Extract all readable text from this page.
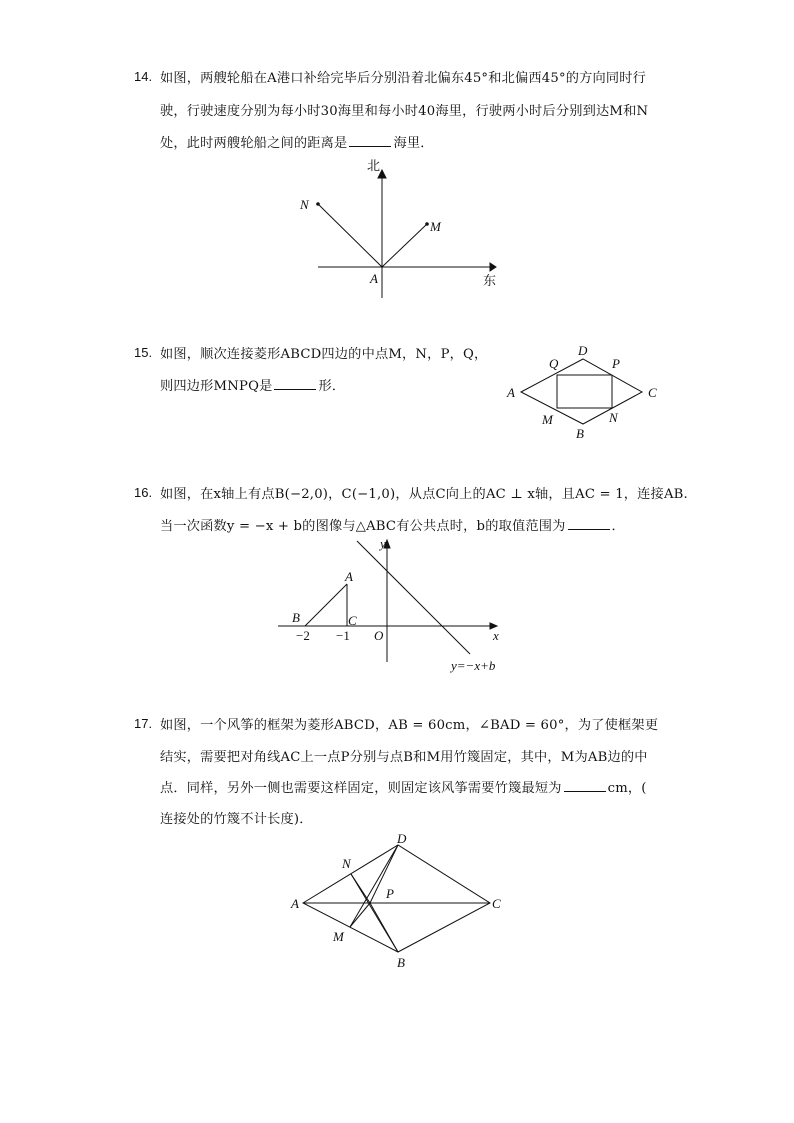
14. 如图，两艘轮船在A港口补给完毕后分别沿着北偏东45°和北偏西45°的方向同时行
驶，行驶速度分别为每小时30海里和每小时40海里，行驶两小时后分别到达M和N
处，此时两艘轮船之间的距离是	海里．
北
东
A
N
M
15. 如图，顺次连接菱形ABCD四边的中点M，N，P，Q，
则四边形MNPQ是	形．	A
D
C
B
Q	P
M	N
16. 如图，在x轴上有点B(−2,0)，C(−1,0)，从点C向上的AC ⊥ x轴，且AC = 1，连接AB.
当一次函数y = −x + b的图像与△ABC有公共点时，b的取值范围为	．
y
x
A
B	C
O
−2 −1
y=−x+b
17. 如图，一个风筝的框架为菱形ABCD，AB = 60cm，∠BAD = 60°，为了使框架更
结实，需要把对角线AC上一点P分别与点B和M用竹篾固定，其中，M为AB边的中
点．同样，另外一侧也需要这样固定，则固定该风筝需要竹篾最短为	cm，(
连接处的竹篾不计长度)．
A
D
C
B
N
M
P
